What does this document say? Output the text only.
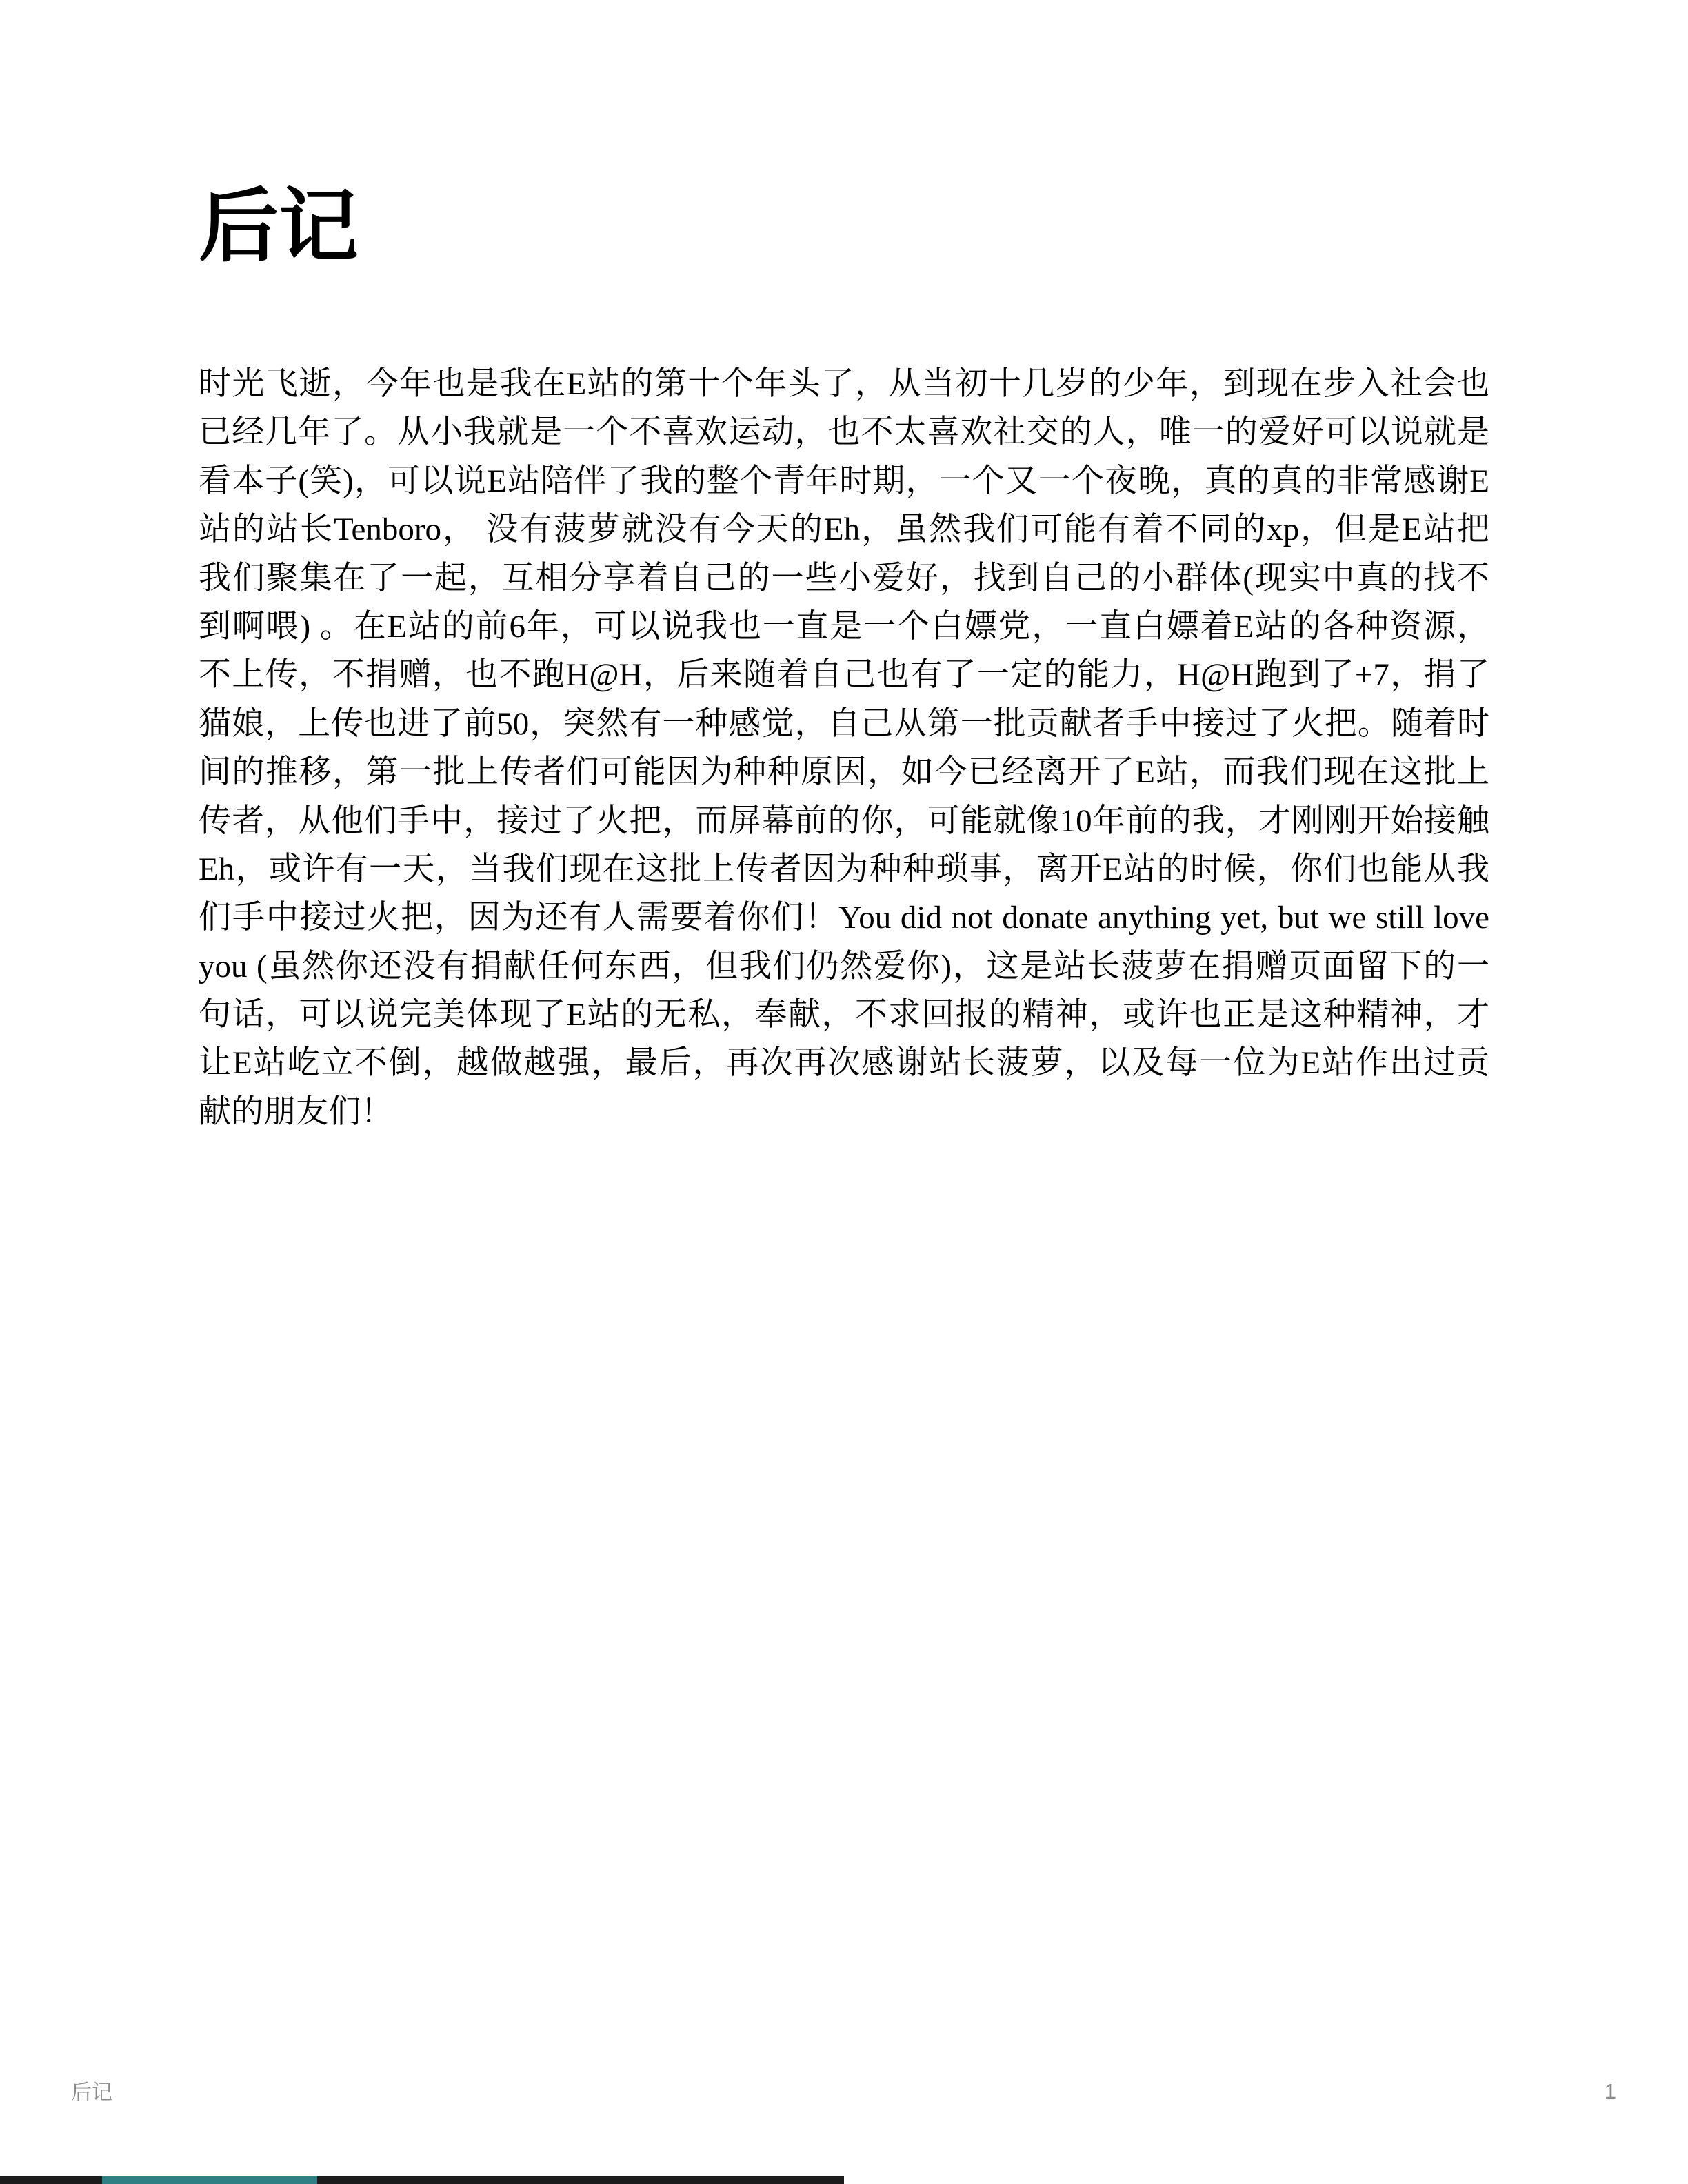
后记
时光飞逝，今年也是我在E站的第十个年头了，从当初十几岁的少年，到现在步入社会也
已经几年了。从小我就是一个不喜欢运动，也不太喜欢社交的人，唯一的爱好可以说就是
看本子(笑)，可以说E站陪伴了我的整个青年时期，一个又一个夜晚，真的真的非常感谢E
站的站长Tenboro， 没有菠萝就没有今天的Eh，虽然我们可能有着不同的xp，但是E站把
我们聚集在了一起，互相分享着自己的一些小爱好，找到自己的小群体(现实中真的找不
到啊喂) 。在E站的前6年，可以说我也一直是一个白嫖党，一直白嫖着E站的各种资源，
不上传，不捐赠，也不跑H@H，后来随着自己也有了一定的能力，H@H跑到了+7，捐了
猫娘，上传也进了前50，突然有一种感觉，自己从第一批贡献者手中接过了火把。随着时
间的推移，第一批上传者们可能因为种种原因，如今已经离开了E站，而我们现在这批上
传者，从他们手中，接过了火把，而屏幕前的你，可能就像10年前的我，才刚刚开始接触
Eh，或许有一天，当我们现在这批上传者因为种种琐事，离开E站的时候，你们也能从我
们手中接过火把，因为还有人需要着你们！You did not donate anything yet, but we still love
you (虽然你还没有捐献任何东西，但我们仍然爱你)，这是站长菠萝在捐赠页面留下的一
句话，可以说完美体现了E站的无私，奉献，不求回报的精神，或许也正是这种精神，才
让E站屹立不倒，越做越强，最后，再次再次感谢站长菠萝，以及每一位为E站作出过贡
献的朋友们！
后记	1
